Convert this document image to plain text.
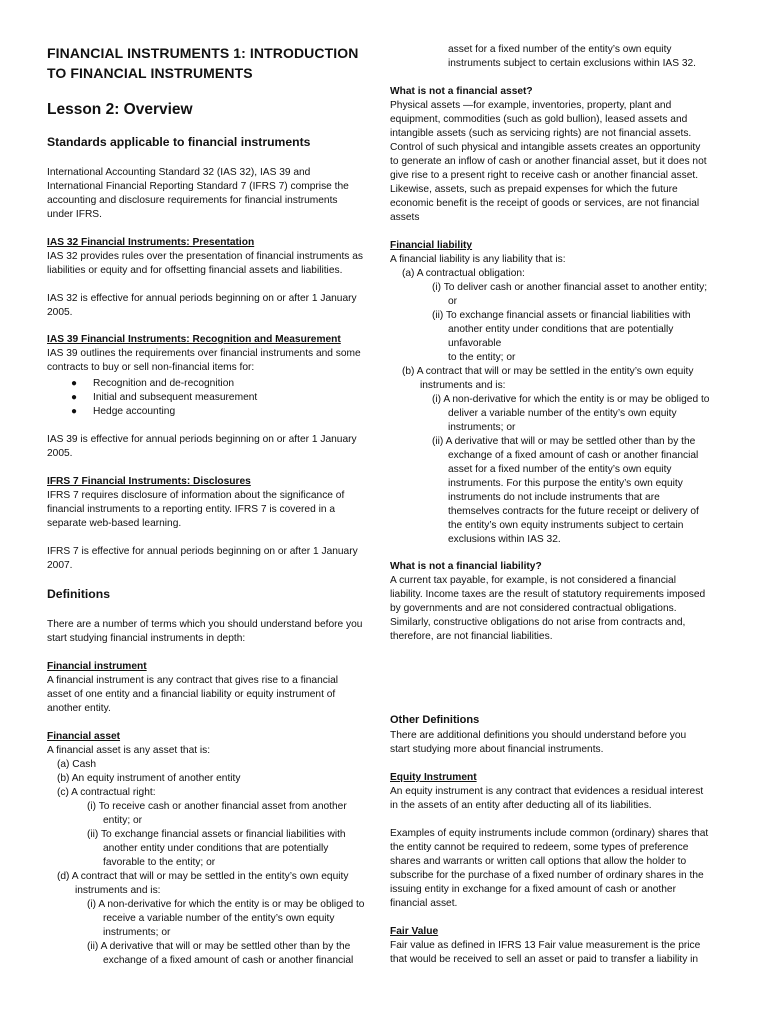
FINANCIAL INSTRUMENTS 1: INTRODUCTION
TO FINANCIAL INSTRUMENTS
Lesson 2: Overview
Standards applicable to financial instruments
International Accounting Standard 32 (IAS 32), IAS 39 and
International Financial Reporting Standard 7 (IFRS 7) comprise the
accounting and disclosure requirements for financial instruments
under IFRS.
IAS 32 Financial Instruments: Presentation
IAS 32 provides rules over the presentation of financial instruments as
liabilities or equity and for offsetting financial assets and liabilities.
IAS 32 is effective for annual periods beginning on or after 1 January
2005.
IAS 39 Financial Instruments: Recognition and Measurement
IAS 39 outlines the requirements over financial instruments and some
contracts to buy or sell non-financial items for:
● Recognition and de-recognition
● Initial and subsequent measurement
● Hedge accounting
IAS 39 is effective for annual periods beginning on or after 1 January
2005.
IFRS 7 Financial Instruments: Disclosures
IFRS 7 requires disclosure of information about the significance of
financial instruments to a reporting entity. IFRS 7 is covered in a
separate web-based learning.
IFRS 7 is effective for annual periods beginning on or after 1 January
2007.
Definitions
There are a number of terms which you should understand before you
start studying financial instruments in depth:
Financial instrument
A financial instrument is any contract that gives rise to a financial
asset of one entity and a financial liability or equity instrument of
another entity.
Financial asset
A financial asset is any asset that is:
(a) Cash
(b) An equity instrument of another entity
(c) A contractual right:
(i) To receive cash or another financial asset from another
entity; or
(ii) To exchange financial assets or financial liabilities with
another entity under conditions that are potentially
favorable to the entity; or
(d) A contract that will or may be settled in the entity’s own equity
instruments and is:
(i) A non-derivative for which the entity is or may be obliged to
receive a variable number of the entity’s own equity
instruments; or
(ii) A derivative that will or may be settled other than by the
exchange of a fixed amount of cash or another financial
asset for a fixed number of the entity’s own equity
instruments subject to certain exclusions within IAS 32.
What is not a financial asset?
Physical assets —for example, inventories, property, plant and
equipment, commodities (such as gold bullion), leased assets and
intangible assets (such as servicing rights) are not financial assets.
Control of such physical and intangible assets creates an opportunity
to generate an inflow of cash or another financial asset, but it does not
give rise to a present right to receive cash or another financial asset.
Likewise, assets, such as prepaid expenses for which the future
economic benefit is the receipt of goods or services, are not financial
assets
Financial liability
A financial liability is any liability that is:
(a) A contractual obligation:
(i) To deliver cash or another financial asset to another entity;
or
(ii) To exchange financial assets or financial liabilities with
another entity under conditions that are potentially
unfavorable
to the entity; or
(b) A contract that will or may be settled in the entity’s own equity
instruments and is:
(i) A non-derivative for which the entity is or may be obliged to
deliver a variable number of the entity’s own equity
instruments; or
(ii) A derivative that will or may be settled other than by the
exchange of a fixed amount of cash or another financial
asset for a fixed number of the entity’s own equity
instruments. For this purpose the entity’s own equity
instruments do not include instruments that are
themselves contracts for the future receipt or delivery of
the entity’s own equity instruments subject to certain
exclusions within IAS 32.
What is not a financial liability?
A current tax payable, for example, is not considered a financial
liability. Income taxes are the result of statutory requirements imposed
by governments and are not considered contractual obligations.
Similarly, constructive obligations do not arise from contracts and,
therefore, are not financial liabilities.
Other Definitions
There are additional definitions you should understand before you
start studying more about financial instruments.
Equity Instrument
An equity instrument is any contract that evidences a residual interest
in the assets of an entity after deducting all of its liabilities.
Examples of equity instruments include common (ordinary) shares that
the entity cannot be required to redeem, some types of preference
shares and warrants or written call options that allow the holder to
subscribe for the purchase of a fixed number of ordinary shares in the
issuing entity in exchange for a fixed amount of cash or another
financial asset.
Fair Value
Fair value as defined in IFRS 13 Fair value measurement is the price
that would be received to sell an asset or paid to transfer a liability in
